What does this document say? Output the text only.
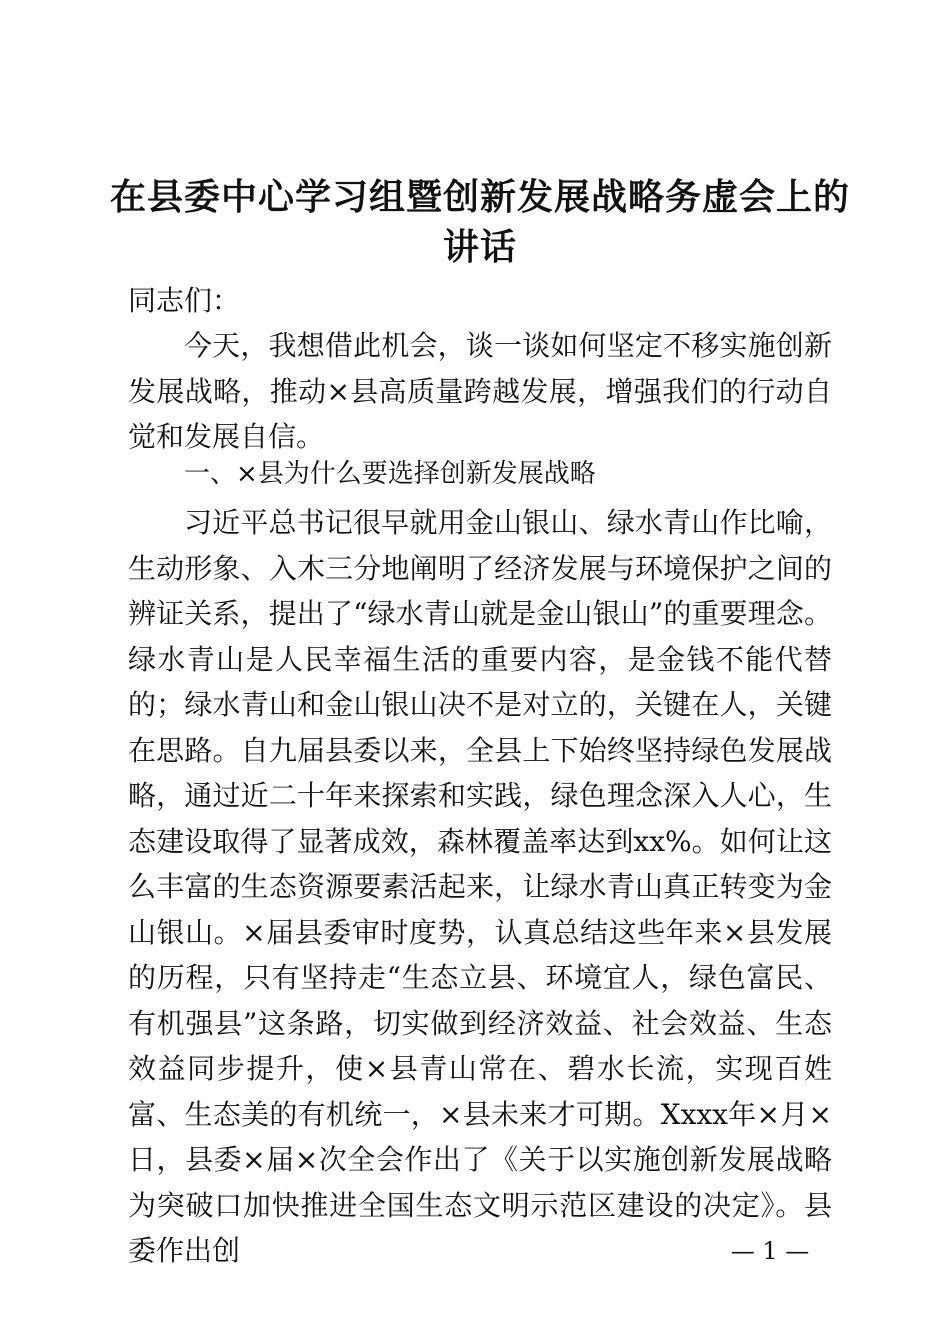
在县委中心学习组暨创新发展战略务虚会上的
讲话
同志们：
今天，我想借此机会，谈一谈如何坚定不移实施创新发展战略，推动×县高质量跨越发展，增强我们的行动自觉和发展自信。
一、×县为什么要选择创新发展战略
习近平总书记很早就用金山银山、绿水青山作比喻，生动形象、入木三分地阐明了经济发展与环境保护之间的辨证关系，提出了“绿水青山就是金山银山”的重要理念。绿水青山是人民幸福生活的重要内容，是金钱不能代替的；绿水青山和金山银山决不是对立的，关键在人，关键在思路。自九届县委以来，全县上下始终坚持绿色发展战略，通过近二十年来探索和实践，绿色理念深入人心，生态建设取得了显著成效，森林覆盖率达到xx%。如何让这么丰富的生态资源要素活起来，让绿水青山真正转变为金山银山。×届县委审时度势，认真总结这些年来×县发展的历程，只有坚持走“生态立县、环境宜人，绿色富民、有机强县”这条路，切实做到经济效益、社会效益、生态效益同步提升，使×县青山常在、碧水长流，实现百姓富、生态美的有机统一，×县未来才可期。Xxxx年×月×日，县委×届×次全会作出了《关于以实施创新发展战略为突破口加快推进全国生态文明示范区建设的决定》。县委作出创	— 1 —
